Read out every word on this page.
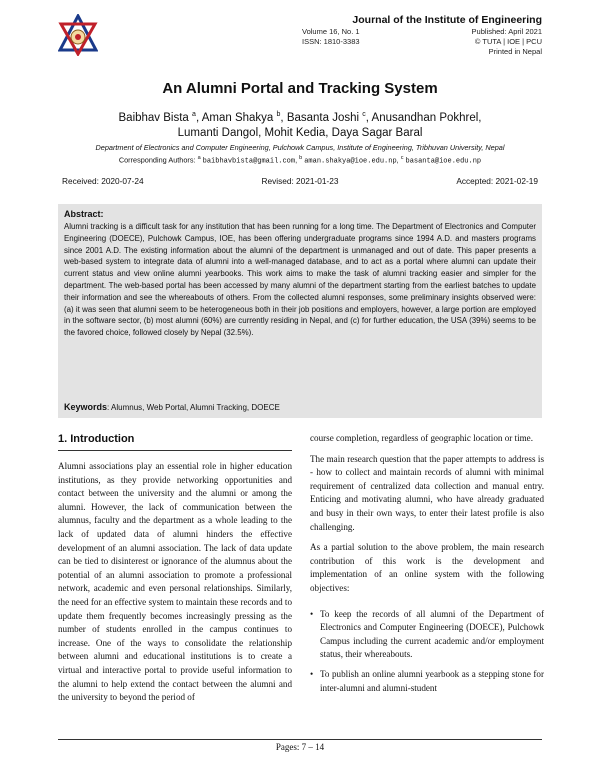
Journal of the Institute of Engineering
Volume 16, No. 1	Published: April 2021
ISSN: 1810-3383	© TUTA | IOE | PCU
Printed in Nepal
An Alumni Portal and Tracking System
Baibhav Bista $^a$, Aman Shakya $^b$, Basanta Joshi $^c$, Anusandhan Pokhrel,
Lumanti Dangol, Mohit Kedia, Daya Sagar Baral
Department of Electronics and Computer Engineering, Pulchowk Campus, Institute of Engineering, Tribhuvan University, Nepal
Corresponding Authors: $^a$ baibhavbista@gmail.com, $^b$ aman.shakya@ioe.edu.np, $^c$ basanta@ioe.edu.np
Received: 2020-07-24	Revised: 2021-01-23	Accepted: 2021-02-19
Abstract:
Alumni tracking is a difficult task for any institution that has been running for a long time. The Department of Electronics and Computer Engineering (DOECE), Pulchowk Campus, IOE, has been offering undergraduate programs since 1994 A.D. and masters programs since 2001 A.D. The existing information about the alumni of the department is unmanaged and out of date. This paper presents a web-based system to integrate data of alumni into a well-managed database, and to act as a portal where alumni can update their current status and view online alumni yearbooks. This work aims to make the task of alumni tracking easier and simpler for the department. The web-based portal has been accessed by many alumni of the department starting from the earliest batches to update their information and see the whereabouts of others. From the collected alumni responses, some preliminary insights observed were: (a) it was seen that alumni seem to be heterogeneous both in their job positions and employers, however, a large portion are employed in the software sector, (b) most alumni (60%) are currently residing in Nepal, and (c) for further education, the USA (39%) seems to be the favored choice, followed closely by Nepal (32.5%).
Keywords: Alumnus, Web Portal, Alumni Tracking, DOECE
1. Introduction

Alumni associations play an essential role in higher education institutions, as they provide networking opportunities and contact between the university and the alumni or among the alumni. However, the lack of communication between the alumnus, faculty and the department as a whole leading to the lack of updated data of alumni hinders the effective development of an alumni association. The lack of data update can be tied to disinterest or ignorance of the alumnus about the potential of an alumni association to promote a professional network, academic and even personal relationships. Similarly, the need for an effective system to maintain these records and to update them frequently becomes increasingly pressing as the number of students enrolled in the campus continues to increase. One of the ways to consolidate the relationship between alumni and educational institutions is to create a virtual and interactive portal to provide useful information to the alumni to help extend the contact between the alumni and the university to beyond the period of

course completion, regardless of geographic location or time.

The main research question that the paper attempts to address is - how to collect and maintain records of alumni with minimal requirement of centralized data collection and manual entry. Enticing and motivating alumni, who have already graduated and busy in their own ways, to enter their latest profile is also challenging.

As a partial solution to the above problem, the main research contribution of this work is the development and implementation of an online system with the following objectives:

• To keep the records of all alumni of the Department of Electronics and Computer Engineering (DOECE), Pulchowk Campus including the current academic and/or employment status, their whereabouts.
• To publish an online alumni yearbook as a stepping stone for inter-alumni and alumni-student
Pages: 7 – 14
